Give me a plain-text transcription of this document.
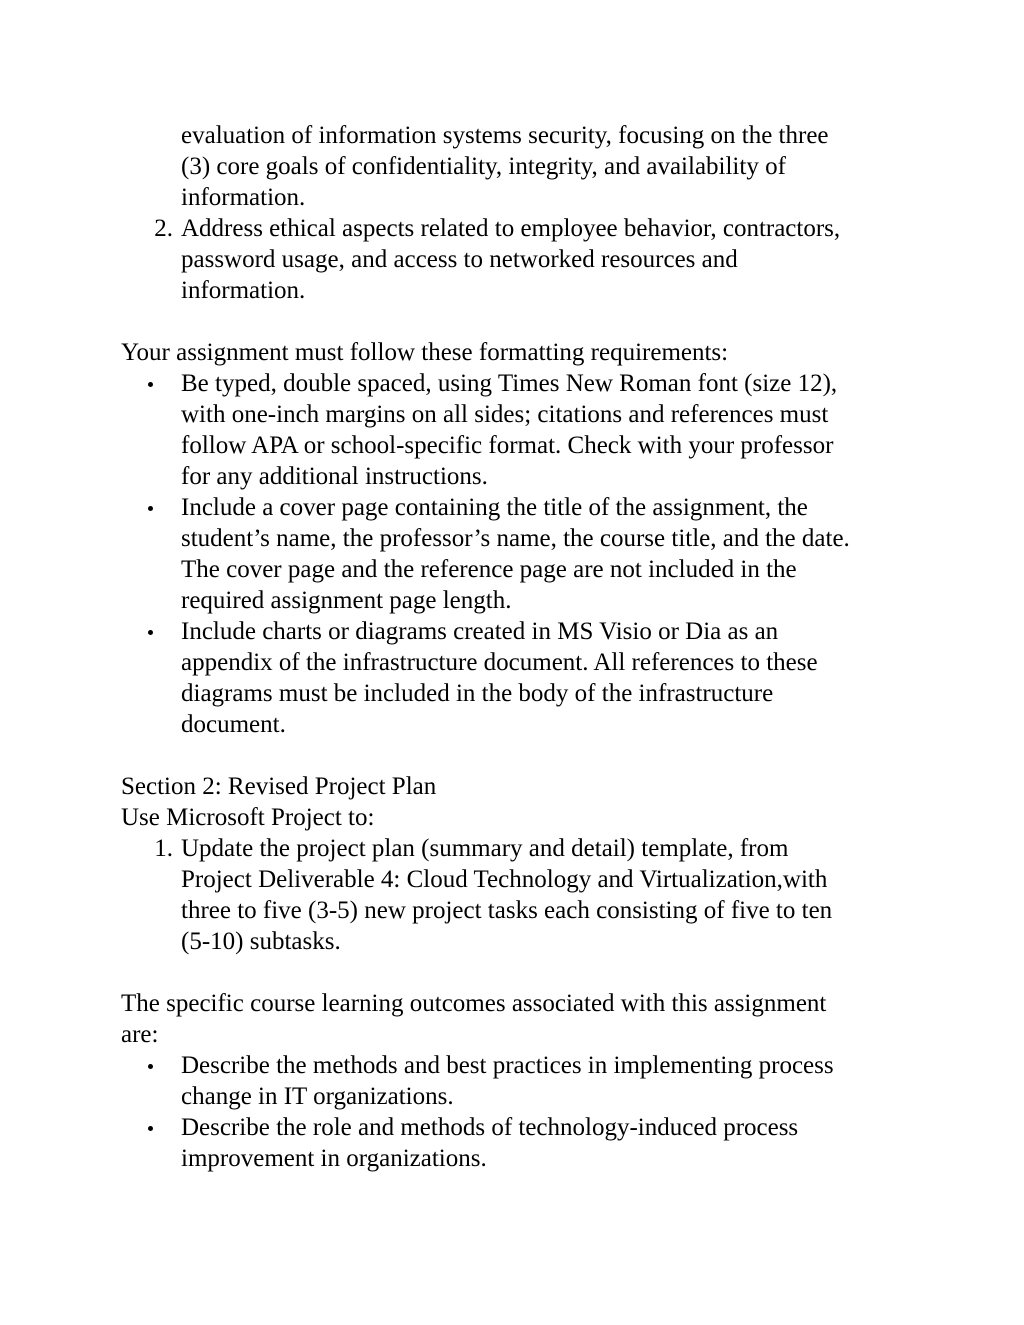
evaluation of information systems security, focusing on the three
(3) core goals of confidentiality, integrity, and availability of
information.
2. Address ethical aspects related to employee behavior, contractors,
password usage, and access to networked resources and
information.

Your assignment must follow these formatting requirements:

Be typed, double spaced, using Times New Roman font (size 12),
with one-inch margins on all sides; citations and references must
follow APA or school-specific format. Check with your professor
for any additional instructions.
Include a cover page containing the title of the assignment, the
student’s name, the professor’s name, the course title, and the date.
The cover page and the reference page are not included in the
required assignment page length.
Include charts or diagrams created in MS Visio or Dia as an
appendix of the infrastructure document. All references to these
diagrams must be included in the body of the infrastructure
document.

Section 2: Revised Project Plan

Use Microsoft Project to:

1. Update the project plan (summary and detail) template, from
Project Deliverable 4: Cloud Technology and Virtualization,with
three to five (3-5) new project tasks each consisting of five to ten
(5-10) subtasks.

The specific course learning outcomes associated with this assignment

are:

Describe the methods and best practices in implementing process
change in IT organizations.
Describe the role and methods of technology-induced process
improvement in organizations.
